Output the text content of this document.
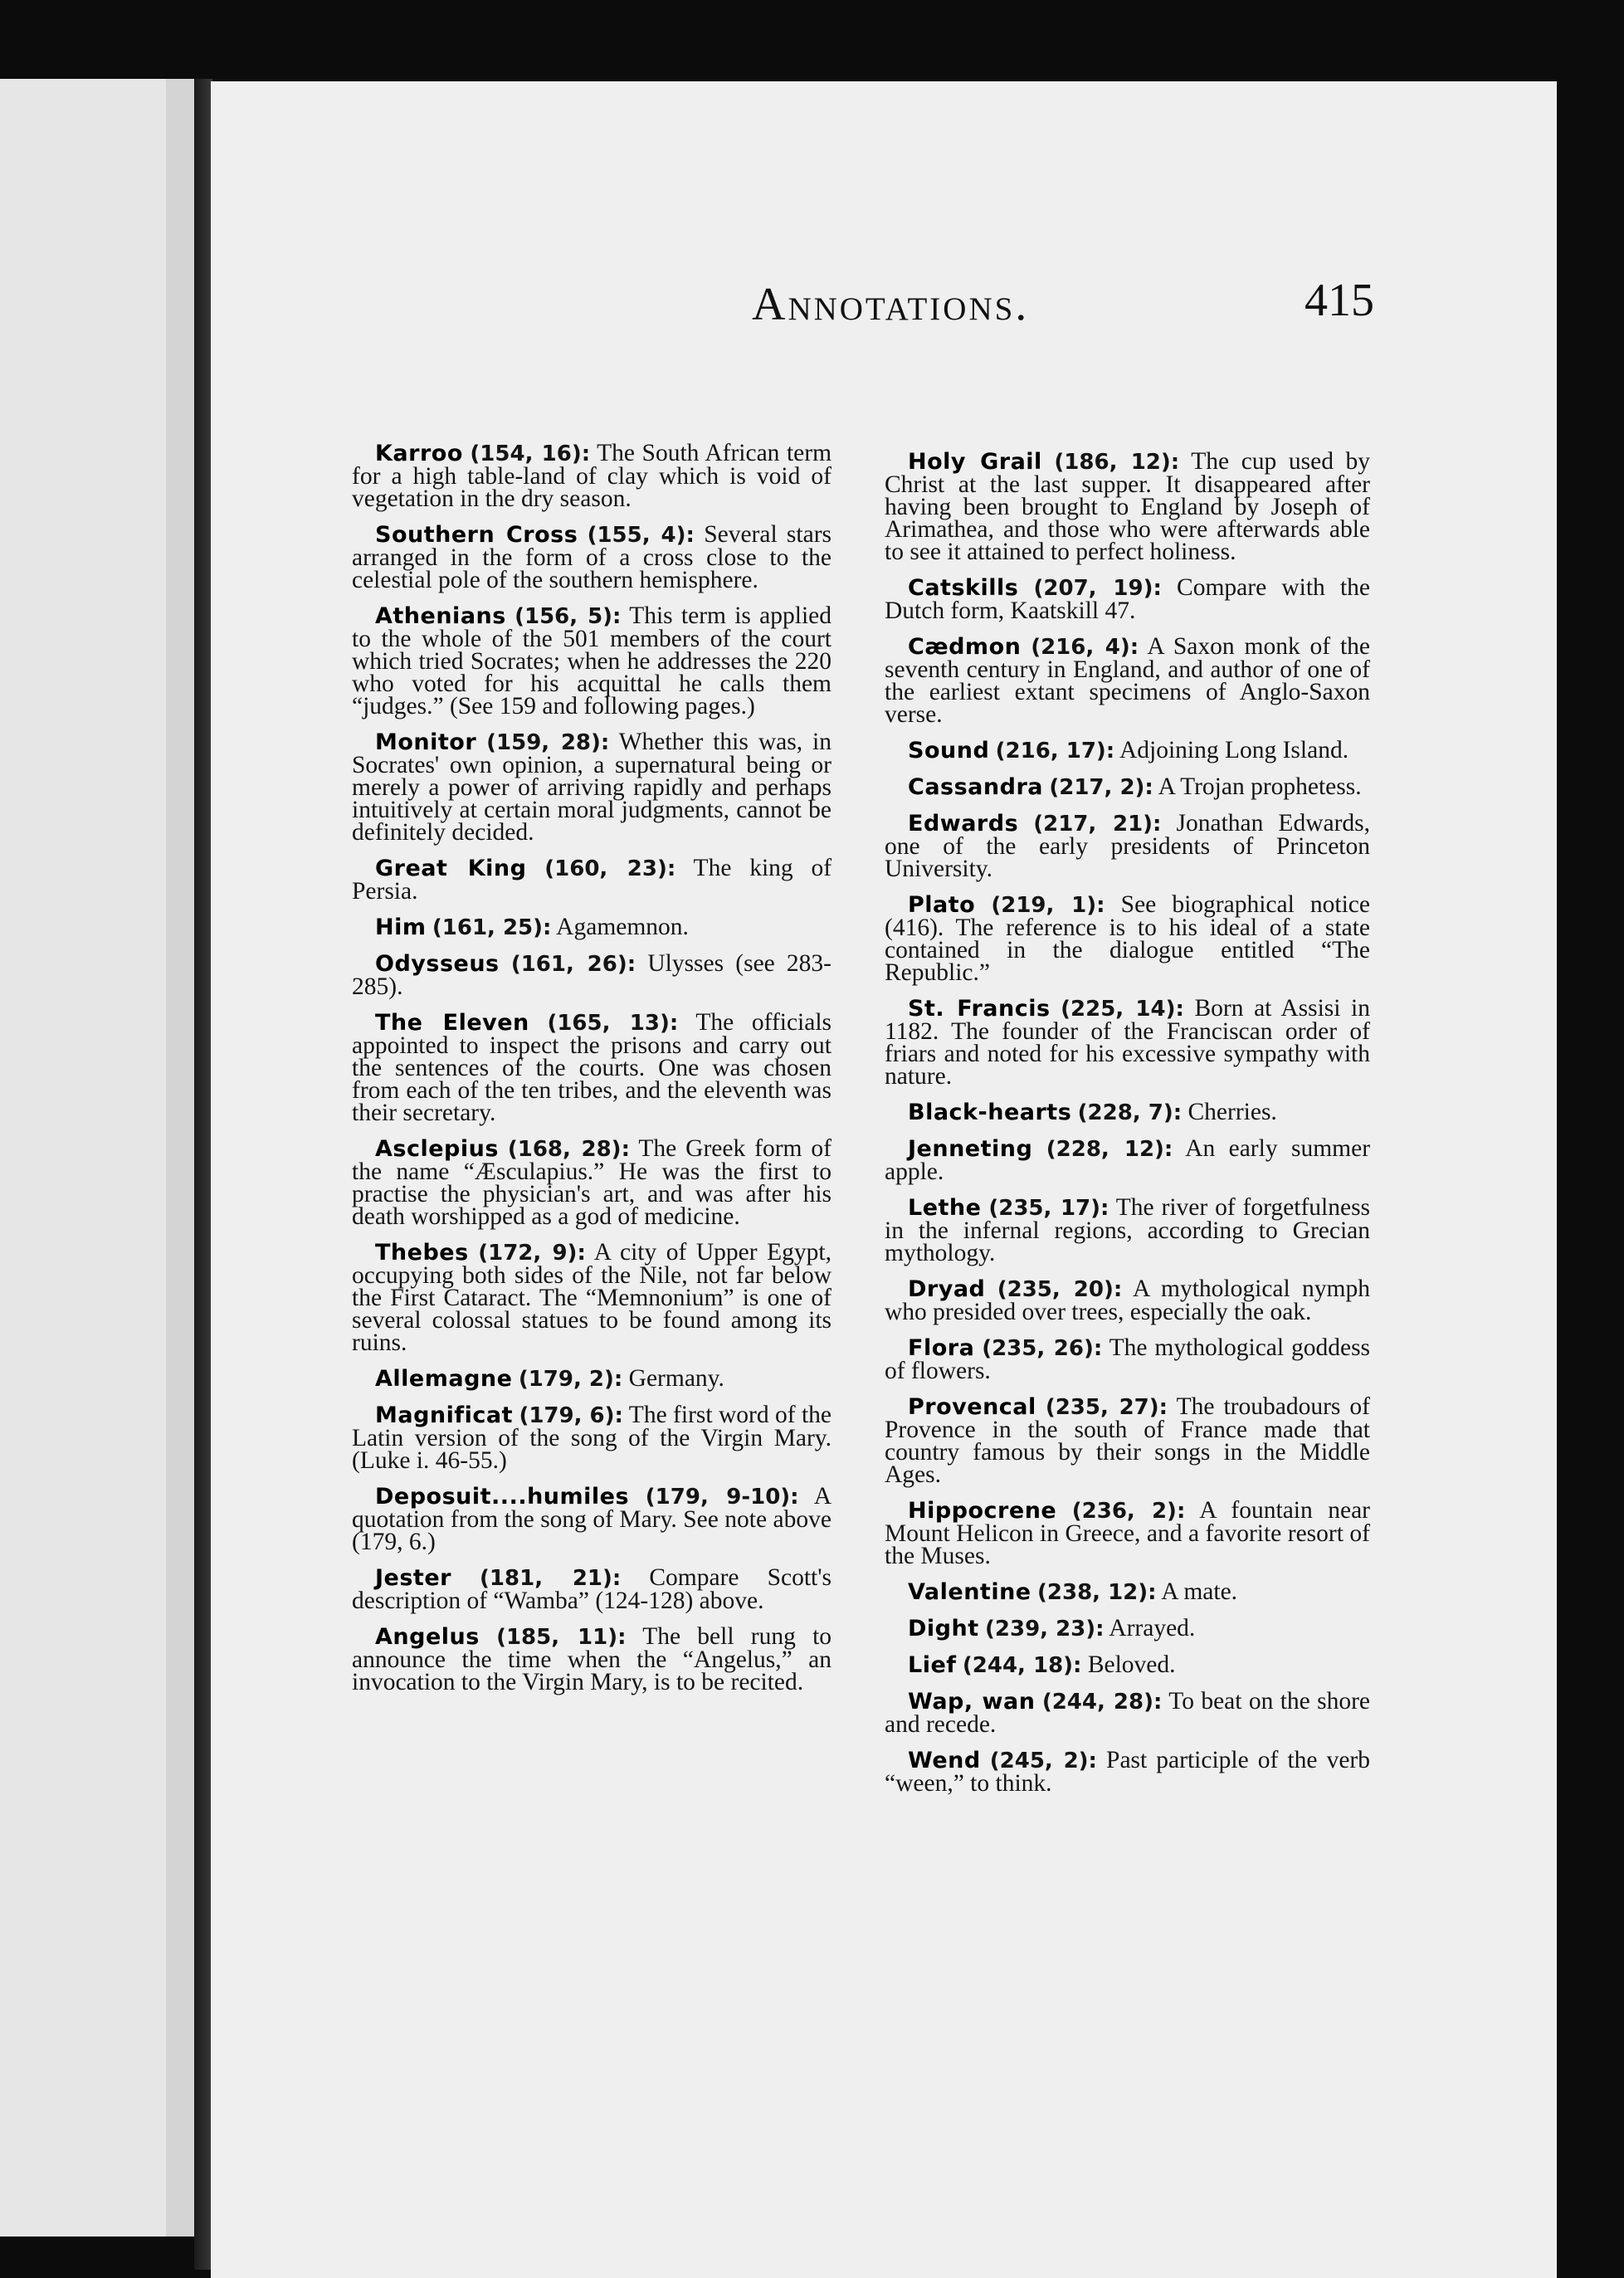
Annotations.	415

Karroo (154, 16): The South African term for a high table-land of clay which is void of vegetation in the dry season.

Southern Cross (155, 4): Several stars arranged in the form of a cross close to the celestial pole of the southern hemisphere.

Athenians (156, 5): This term is applied to the whole of the 501 members of the court which tried Socrates; when he addresses the 220 who voted for his acquittal he calls them “judges.” (See 159 and following pages.)

Monitor (159, 28): Whether this was, in Socrates' own opinion, a supernatural being or merely a power of arriving rapidly and perhaps intuitively at certain moral judgments, cannot be definitely decided.

Great King (160, 23): The king of Persia.

Him (161, 25): Agamemnon.

Odysseus (161, 26): Ulysses (see 283-285).

The Eleven (165, 13): The officials appointed to inspect the prisons and carry out the sentences of the courts. One was chosen from each of the ten tribes, and the eleventh was their secretary.

Asclepius (168, 28): The Greek form of the name “Æsculapius.” He was the first to practise the physician's art, and was after his death worshipped as a god of medicine.

Thebes (172, 9): A city of Upper Egypt, occupying both sides of the Nile, not far below the First Cataract. The “Memnonium” is one of several colossal statues to be found among its ruins.

Allemagne (179, 2): Germany.

Magnificat (179, 6): The first word of the Latin version of the song of the Virgin Mary. (Luke i. 46-55.)

Deposuit....humiles (179, 9-10): A quotation from the song of Mary. See note above (179, 6.)

Jester (181, 21): Compare Scott's description of “Wamba” (124-128) above.

Angelus (185, 11): The bell rung to announce the time when the “Angelus,” an invocation to the Virgin Mary, is to be recited.

Holy Grail (186, 12): The cup used by Christ at the last supper. It disappeared after having been brought to England by Joseph of Arimathea, and those who were afterwards able to see it attained to perfect holiness.

Catskills (207, 19): Compare with the Dutch form, Kaatskill 47.

Cædmon (216, 4): A Saxon monk of the seventh century in England, and author of one of the earliest extant specimens of Anglo-Saxon verse.

Sound (216, 17): Adjoining Long Island.

Cassandra (217, 2): A Trojan prophetess.

Edwards (217, 21): Jonathan Edwards, one of the early presidents of Princeton University.

Plato (219, 1): See biographical notice (416). The reference is to his ideal of a state contained in the dialogue entitled “The Republic.”

St. Francis (225, 14): Born at Assisi in 1182. The founder of the Franciscan order of friars and noted for his excessive sympathy with nature.

Black-hearts (228, 7): Cherries.

Jenneting (228, 12): An early summer apple.

Lethe (235, 17): The river of forgetfulness in the infernal regions, according to Grecian mythology.

Dryad (235, 20): A mythological nymph who presided over trees, especially the oak.

Flora (235, 26): The mythological goddess of flowers.

Provencal (235, 27): The troubadours of Provence in the south of France made that country famous by their songs in the Middle Ages.

Hippocrene (236, 2): A fountain near Mount Helicon in Greece, and a favorite resort of the Muses.

Valentine (238, 12): A mate.

Dight (239, 23): Arrayed.

Lief (244, 18): Beloved.

Wap, wan (244, 28): To beat on the shore and recede.

Wend (245, 2): Past participle of the verb “ween,” to think.
